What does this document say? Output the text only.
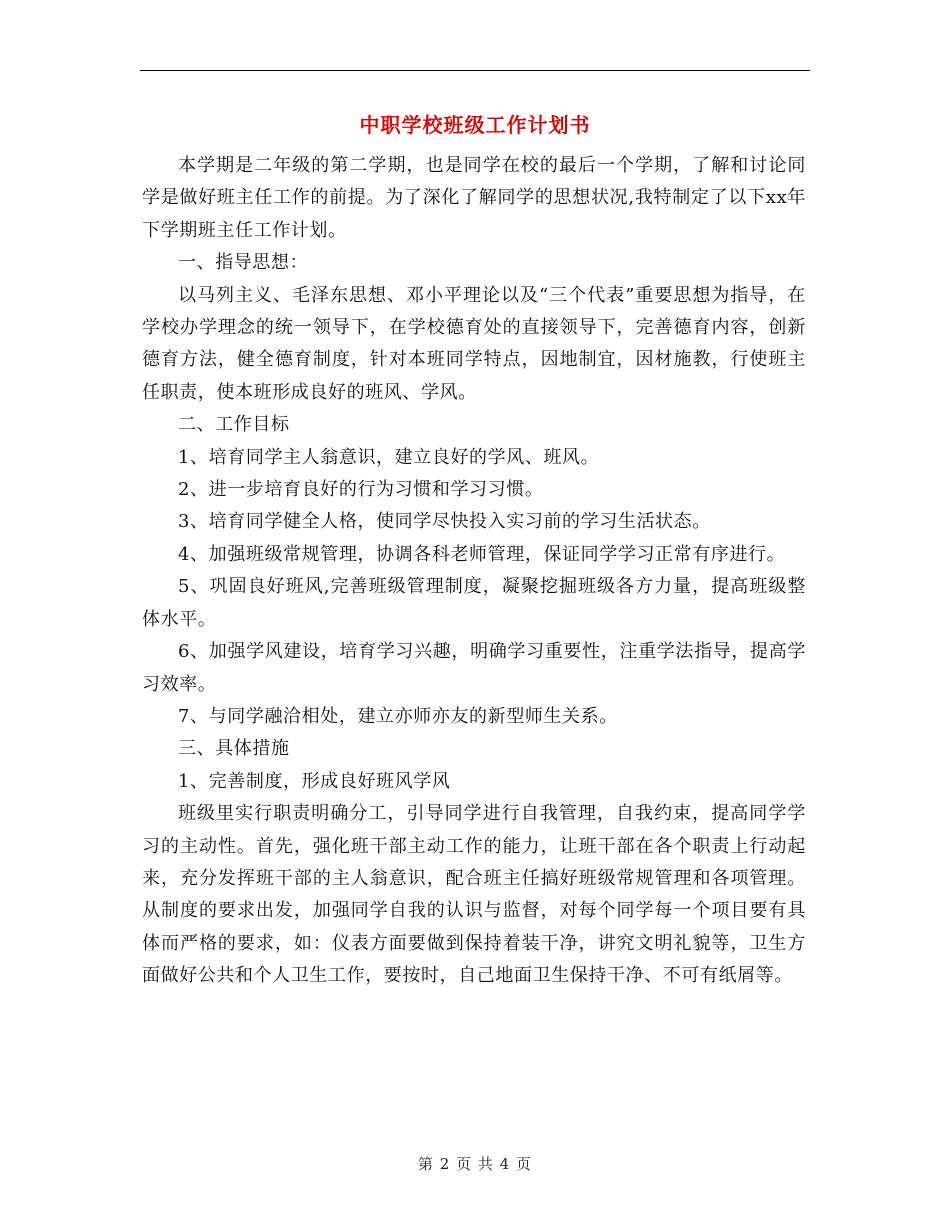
中职学校班级工作计划书

本学期是二年级的第二学期，也是同学在校的最后一个学期，了解和讨论同学是做好班主任工作的前提。为了深化了解同学的思想状况,我特制定了以下xx年下学期班主任工作计划。

一、指导思想：

以马列主义、毛泽东思想、邓小平理论以及“三个代表”重要思想为指导，在学校办学理念的统一领导下，在学校德育处的直接领导下，完善德育内容，创新德育方法，健全德育制度，针对本班同学特点，因地制宜，因材施教，行使班主任职责，使本班形成良好的班风、学风。

二、工作目标

1、培育同学主人翁意识，建立良好的学风、班风。

2、进一步培育良好的行为习惯和学习习惯。

3、培育同学健全人格，使同学尽快投入实习前的学习生活状态。

4、加强班级常规管理，协调各科老师管理，保证同学学习正常有序进行。

5、巩固良好班风,完善班级管理制度，凝聚挖掘班级各方力量，提高班级整体水平。

6、加强学风建设，培育学习兴趣，明确学习重要性，注重学法指导，提高学习效率。

7、与同学融洽相处，建立亦师亦友的新型师生关系。

三、具体措施

1、完善制度，形成良好班风学风

班级里实行职责明确分工，引导同学进行自我管理，自我约束，提高同学学习的主动性。首先，强化班干部主动工作的能力，让班干部在各个职责上行动起来，充分发挥班干部的主人翁意识，配合班主任搞好班级常规管理和各项管理。从制度的要求出发，加强同学自我的认识与监督，对每个同学每一个项目要有具体而严格的要求，如：仪表方面要做到保持着装干净，讲究文明礼貌等，卫生方面做好公共和个人卫生工作，要按时，自己地面卫生保持干净、不可有纸屑等。

第 2 页 共 4 页
